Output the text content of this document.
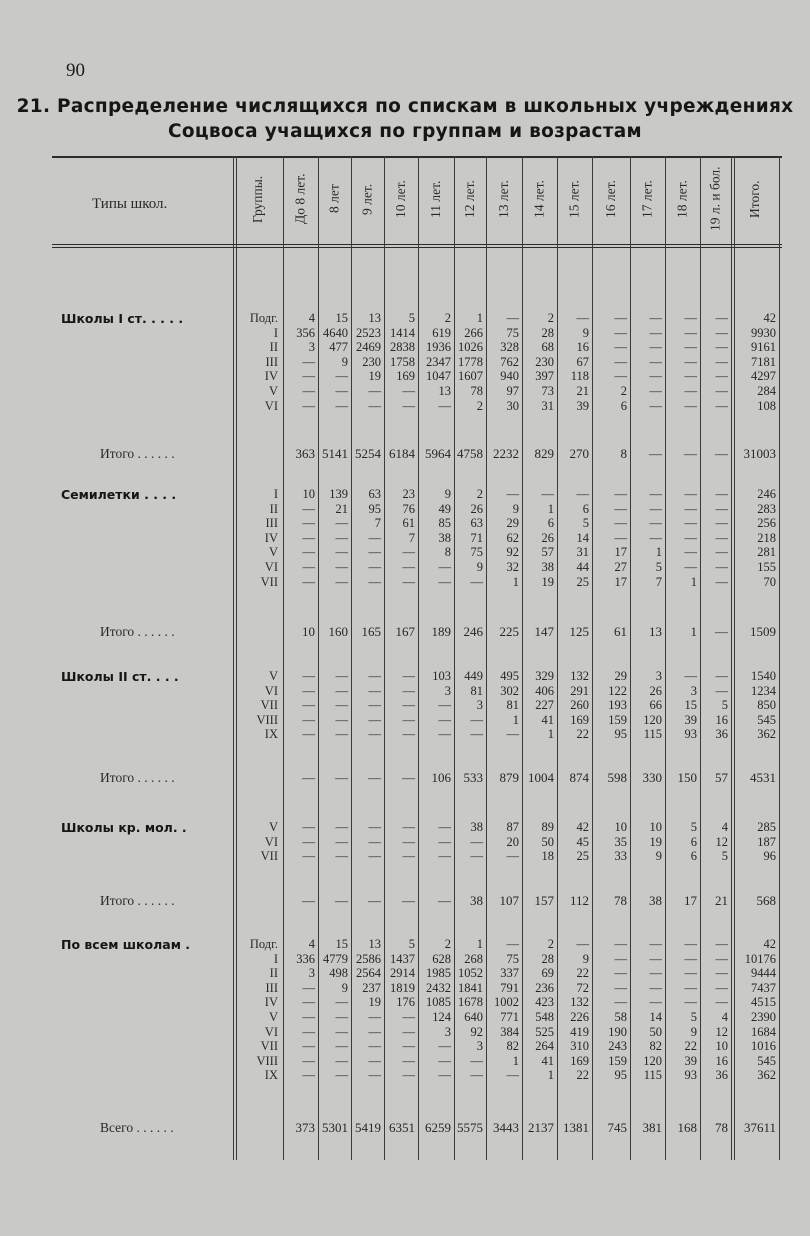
90
21. Распределение числящихся по спискам в школьных учреждениях
Соцвоса учащихся по группам и возрастам
Типы школ.	Группы.	До 8 лет.	8 лет	9 лет.	10 лет.	11 лет.	12 лет.	13 лет.	14 лет.	15 лет.	16 лет.	17 лет.	18 лет.	19 л. и бол.	Итого.
Школы I ст. . . . .	Подг.	4	15	13	5	2	1	—	2	—	—	—	—	—	42
I	356 4640 2523 1414	619	266	75	28	9	—	—	—	—	9930
II	3	477 2469 2838 1936 1026	328	68	16	—	—	—	—	9161
III	—	9	230 1758 2347 1778	762	230	67	—	—	—	—	7181
IV	—	—	19	169 1047 1607	940	397	118	—	—	—	—	4297
V	—	—	—	—	13	78	97	73	21	2	—	—	—	284
VI	—	—	—	—	—	2	30	31	39	6	—	—	—	108
Итого . . . . . .	363 5141 5254 6184 5964 4758 2232	829	270	8	—	—	—	31003
Семилетки . . . .	I	10	139	63	23	9	2	—	—	—	—	—	—	—	246
II	—	21	95	76	49	26	9	1	6	—	—	—	—	283
III	—	—	7	61	85	63	29	6	5	—	—	—	—	256
IV	—	—	—	7	38	71	62	26	14	—	—	—	—	218
V	—	—	—	—	8	75	92	57	31	17	1	—	—	281
VI	—	—	—	—	—	9	32	38	44	27	5	—	—	155
VII	—	—	—	—	—	—	1	19	25	17	7	1	—	70
Итого . . . . . .	10	160	165	167	189 246	225	147	125	61	13	1	—	1509
Школы II ст. . . .	V	—	—	—	—	103	449	495	329	132	29	3	—	—	1540
VI	—	—	—	—	3	81	302	406	291	122	26	3	—	1234
VII	—	—	—	—	—	3	81	227	260	193	66	15	5	850
VIII	—	—	—	—	—	—	1	41	169	159	120	39	16	545
IX	—	—	—	—	—	—	—	1	22	95	115	93	36	362
Итого . . . . . .	—	—	—	—	106 533	879 1004	874	598	330	150	57	4531
Школы кр. мол. .	V	—	—	—	—	—	38	87	89	42	10	10	5	4	285
VI	—	—	—	—	—	—	20	50	45	35	19	6	12	187
VII	—	—	—	—	—	—	—	18	25	33	9	6	5	96
Итого . . . . . .	—	—	—	—	—	38	107	157	112	78	38	17	21	568
По всем школам .	Подг.	4	15	13	5	2	1	—	2	—	—	—	—	—	42
I	336 4779 2586 1437	628	268	75	28	9	—	—	—	—	10176
II	3	498 2564 2914 1985 1052	337	69	22	—	—	—	—	9444
III	—	9	237 1819 2432 1841	791	236	72	—	—	—	—	7437
IV	—	—	19	176 1085 1678 1002	423	132	—	—	—	—	4515
V	—	—	—	—	124	640	771	548	226	58	14	5	4	2390
VI	—	—	—	—	3	92	384	525	419	190	50	9	12	1684
VII	—	—	—	—	—	3	82	264	310	243	82	22	10	1016
VIII	—	—	—	—	—	—	1	41	169	159	120	39	16	545
IX	—	—	—	—	—	—	—	1	22	95	115	93	36	362
Всего . . . . . .	373 5301 5419 6351 6259 5575 3443 2137 1381	745	381	168	78	37611
